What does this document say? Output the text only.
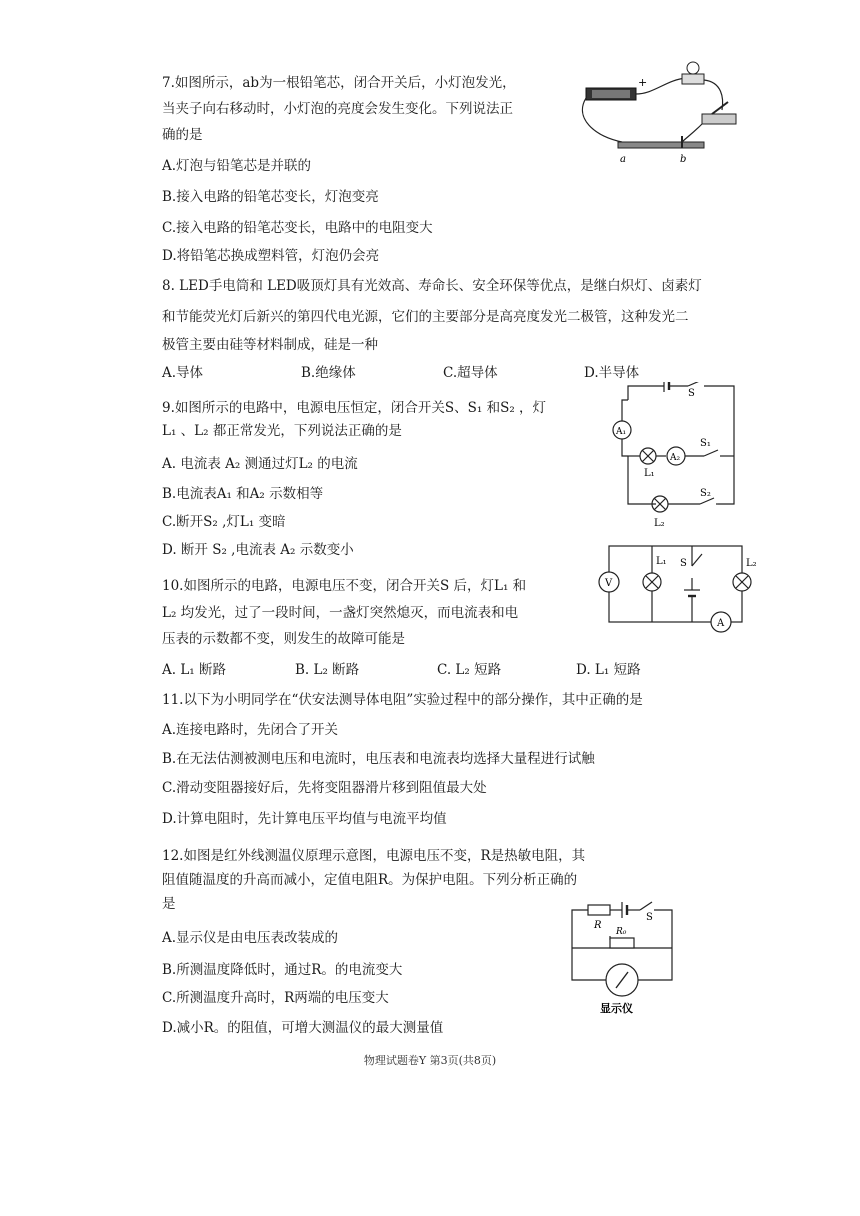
7.如图所示，ab为一根铅笔芯，闭合开关后，小灯泡发光，
当夹子向右移动时，小灯泡的亮度会发生变化。下列说法正
确的是
A.灯泡与铅笔芯是并联的
B.接入电路的铅笔芯变长，灯泡变亮
C.接入电路的铅笔芯变长，电路中的电阻变大
D.将铅笔芯换成塑料管，灯泡仍会亮
+
a	b
8. LED手电筒和 LED吸顶灯具有光效高、寿命长、安全环保等优点，是继白炽灯、卤素灯
和节能荧光灯后新兴的第四代电光源，它们的主要部分是高亮度发光二极管，这种发光二
极管主要由硅等材料制成，硅是一种
A.导体	B.绝缘体	C.超导体	D.半导体
9.如图所示的电路中，电源电压恒定，闭合开关S、S₁ 和S₂ ，灯
L₁ 、L₂ 都正常发光，下列说法正确的是
A. 电流表 A₂ 测通过灯L₂ 的电流
B.电流表A₁ 和A₂ 示数相等
C.断开S₂ ,灯L₁ 变暗
D. 断开 S₂ ,电流表 A₂ 示数变小
S
A₁
A₂
S₁
L₁
S₂
L₂
10.如图所示的电路，电源电压不变，闭合开关S 后，灯L₁ 和
L₂ 均发光，过了一段时间，一盏灯突然熄灭，而电流表和电
压表的示数都不变，则发生的故障可能是
A. L₁ 断路	B. L₂ 断路	C. L₂ 短路	D. L₁ 短路
V
A
L₁ S	L₂
11.以下为小明同学在“伏安法测导体电阻”实验过程中的部分操作，其中正确的是
A.连接电路时，先闭合了开关
B.在无法估测被测电压和电流时，电压表和电流表均选择大量程进行试触
C.滑动变阻器接好后，先将变阻器滑片移到阻值最大处
D.计算电阻时，先计算电压平均值与电流平均值
12.如图是红外线测温仪原理示意图，电源电压不变，R是热敏电阻，其
阻值随温度的升高而减小，定值电阻R。为保护电阻。下列分析正确的
是
A.显示仪是由电压表改装成的
B.所测温度降低时，通过R。的电流变大
C.所测温度升高时，R两端的电压变大
D.减小R。的阻值，可增大测温仪的最大测量值
R
R₀
S
显示仪
物理试题卷Y 第3页(共8页)
